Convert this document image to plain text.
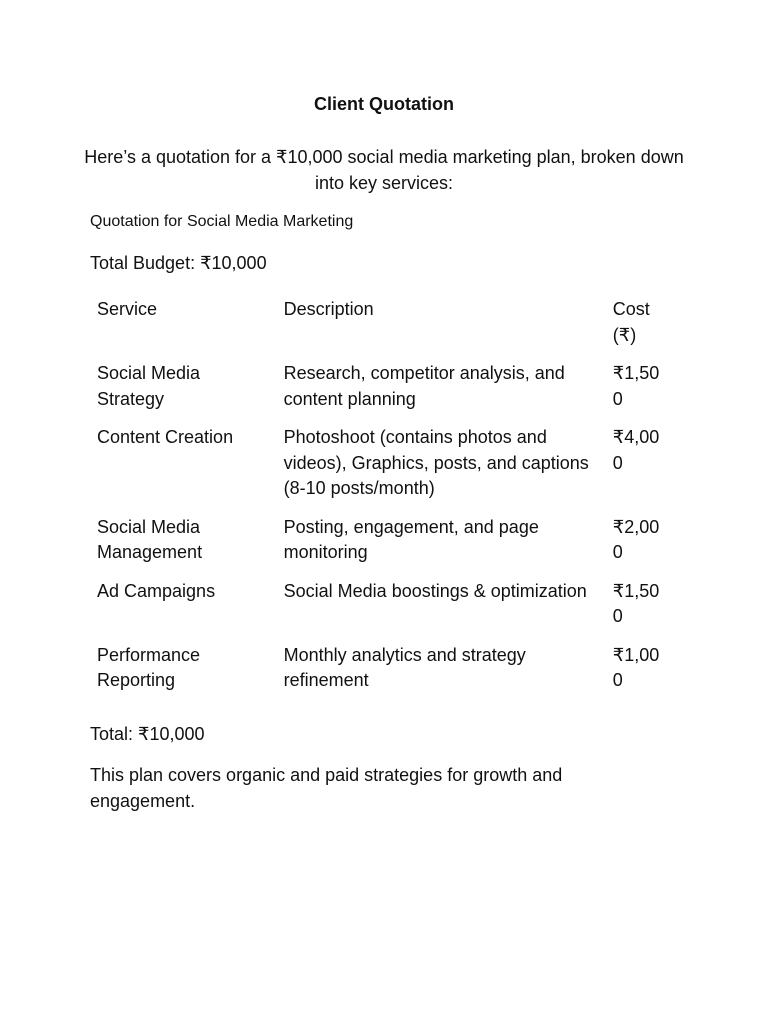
Client Quotation

Here’s a quotation for a ₹10,000 social media marketing plan, broken down into key services:

Quotation for Social Media Marketing

Total Budget: ₹10,000

Service	Description	Cost (₹)
Social Media Strategy	Research, competitor analysis, and content planning	₹1,500
Content Creation	Photoshoot (contains photos and videos), Graphics, posts, and captions (8-10 posts/month)	₹4,000
Social Media Management	Posting, engagement, and page monitoring	₹2,000
Ad Campaigns	Social Media boostings & optimization	₹1,500
Performance Reporting	Monthly analytics and strategy refinement	₹1,000

Total: ₹10,000

This plan covers organic and paid strategies for growth and engagement.
